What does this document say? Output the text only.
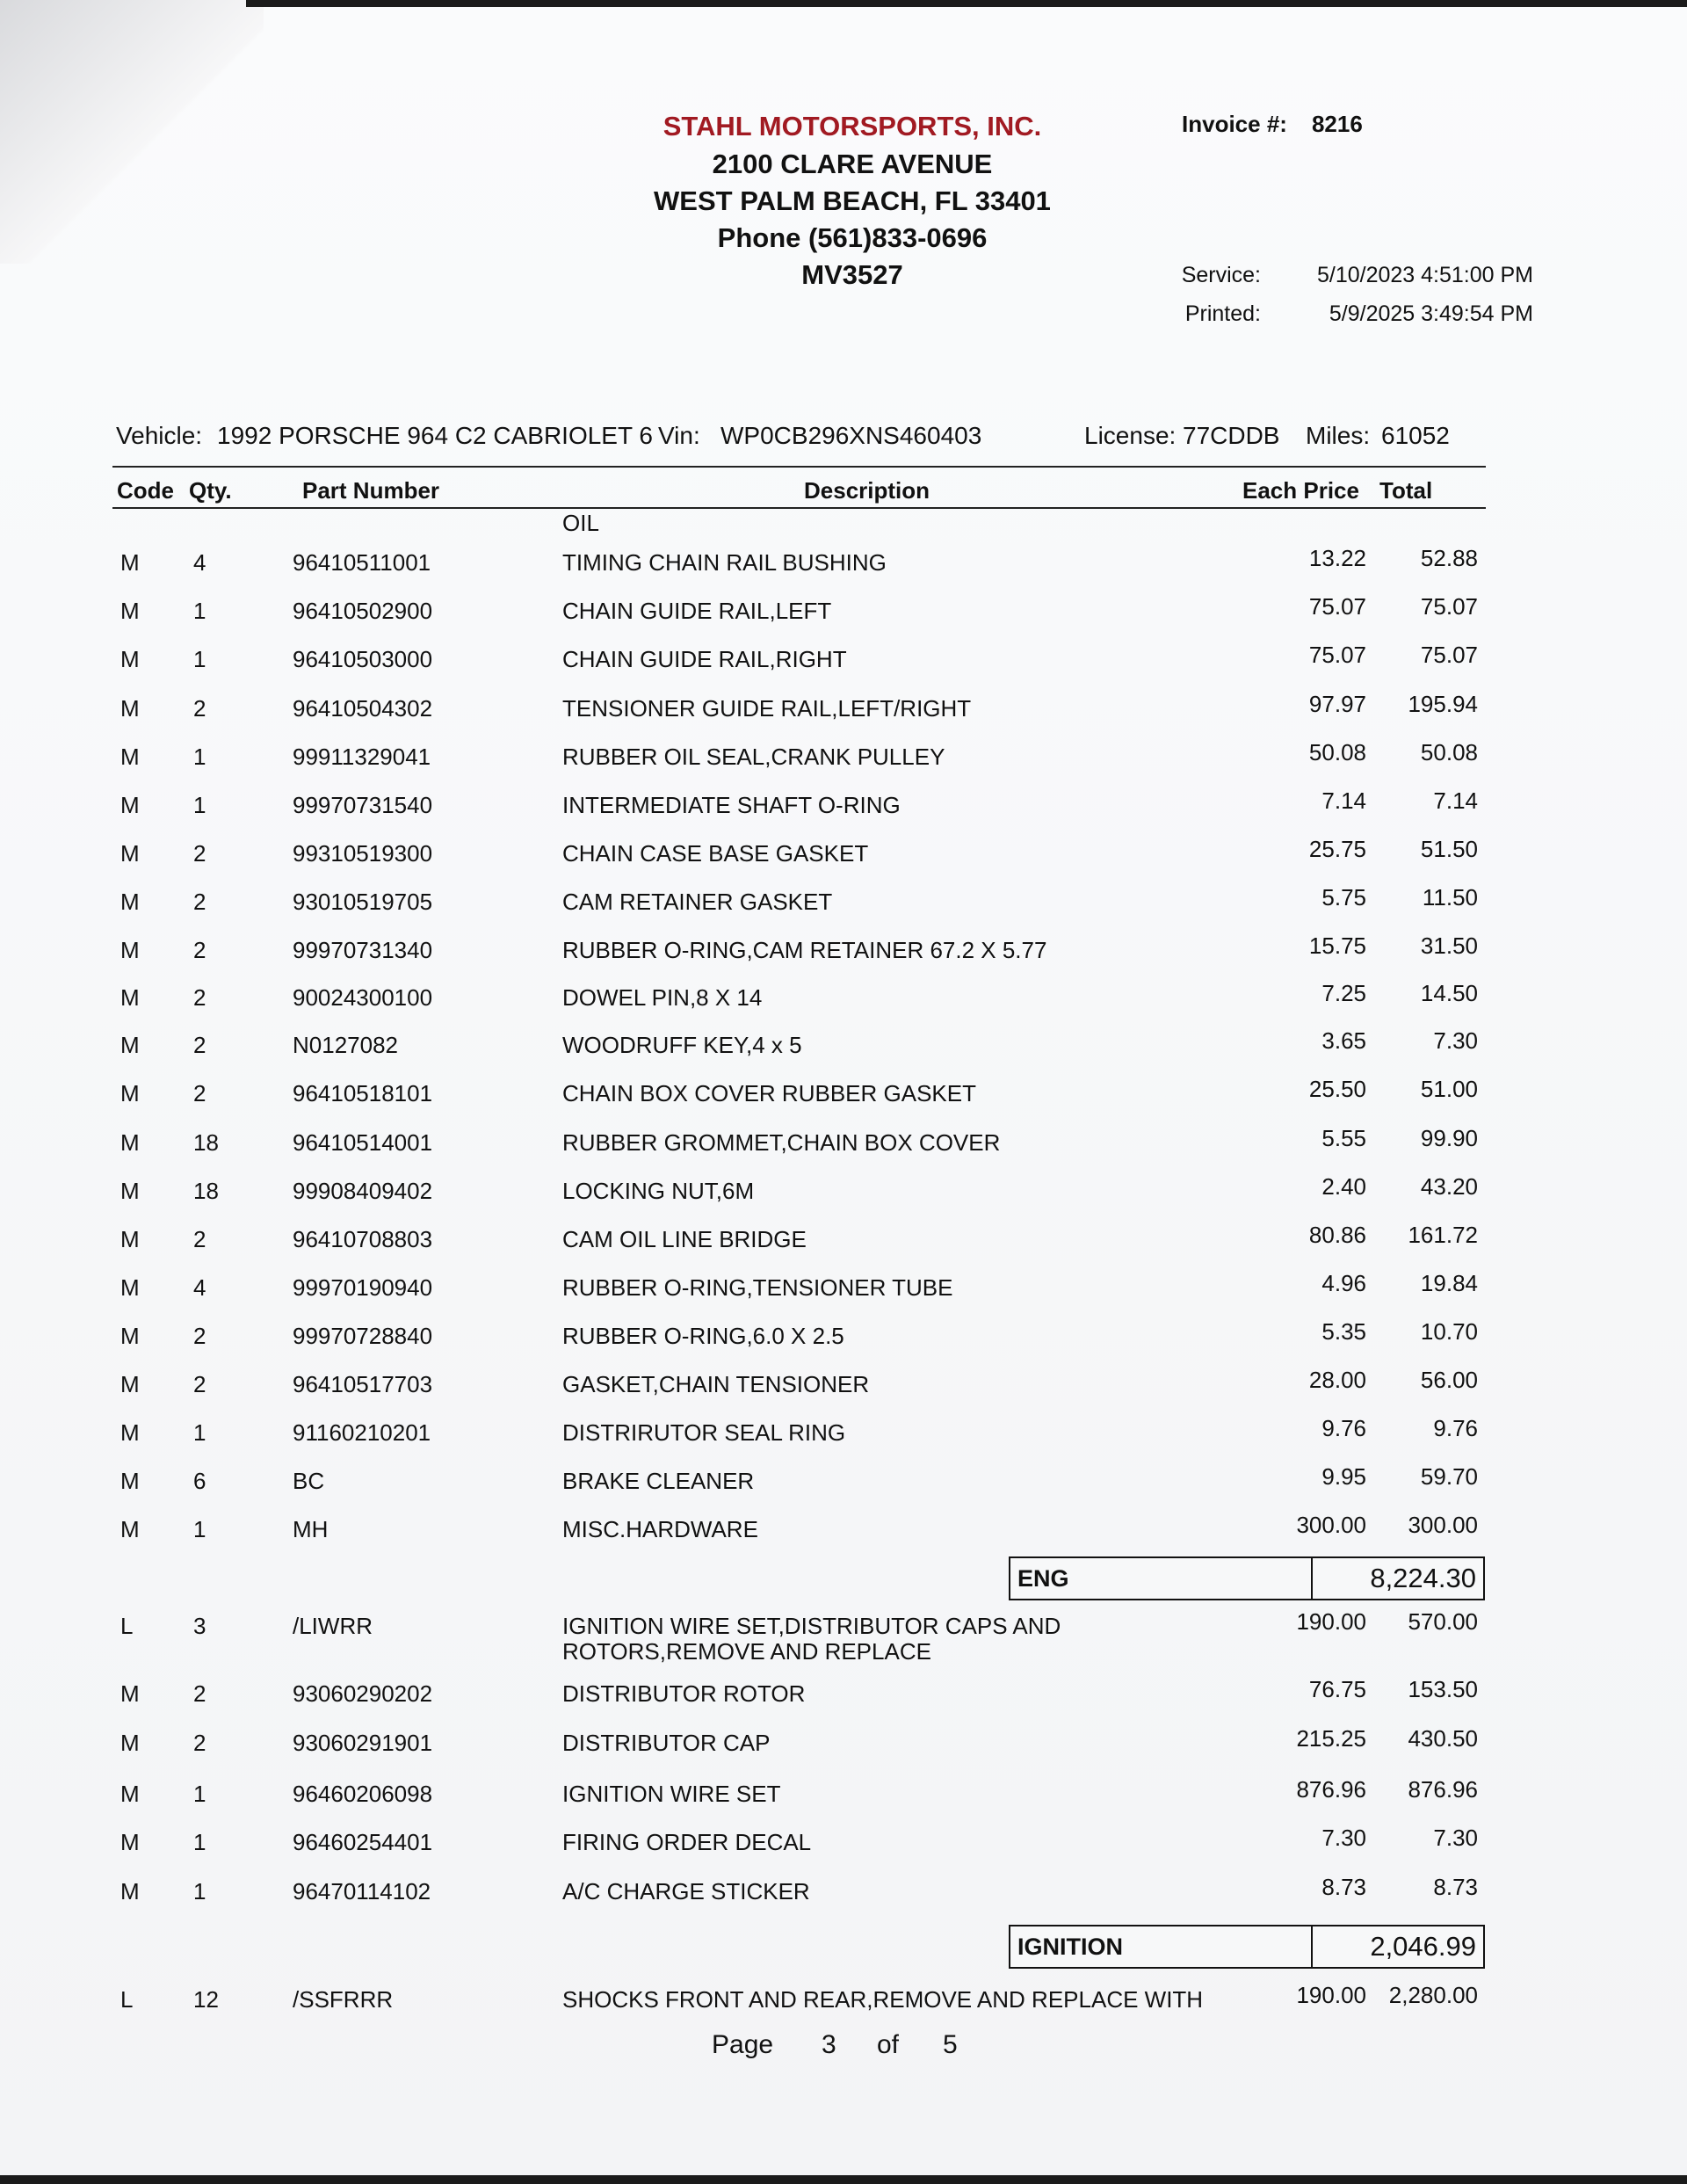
STAHL MOTORSPORTS, INC.
2100 CLARE AVENUE
WEST PALM BEACH, FL 33401
Phone (561)833-0696
MV3527
Invoice #: 8216
Service:	5/10/2023 4:51:00 PM
Printed:	5/9/2025 3:49:54 PM
Vehicle: 1992 PORSCHE 964 C2 CABRIOLET 6 Vin: WP0CB296XNS460403	License: 77CDDB Miles: 61052
Code Qty.	Part Number	Description	Each Price Total
OIL
M 4	96410511001	TIMING CHAIN RAIL BUSHING	13.22 52.88
M 1	96410502900	CHAIN GUIDE RAIL,LEFT	75.07 75.07
M 1	96410503000	CHAIN GUIDE RAIL,RIGHT	75.07 75.07
M 2	96410504302	TENSIONER GUIDE RAIL,LEFT/RIGHT	97.97 195.94
M 1	99911329041	RUBBER OIL SEAL,CRANK PULLEY	50.08 50.08
M 1	99970731540	INTERMEDIATE SHAFT O-RING	7.14	7.14
M 2	99310519300	CHAIN CASE BASE GASKET	25.75 51.50
M 2	93010519705	CAM RETAINER GASKET	5.75 11.50
M 2	99970731340	RUBBER O-RING,CAM RETAINER 67.2 X 5.77	15.75 31.50
M 2	90024300100	DOWEL PIN,8 X 14	7.25 14.50
M 2	N0127082	WOODRUFF KEY,4 x 5	3.65	7.30
M 2	96410518101	CHAIN BOX COVER RUBBER GASKET	25.50 51.00
M 18	96410514001	RUBBER GROMMET,CHAIN BOX COVER	5.55 99.90
M 18	99908409402	LOCKING NUT,6M	2.40 43.20
M 2	96410708803	CAM OIL LINE BRIDGE	80.86 161.72
M 4	99970190940	RUBBER O-RING,TENSIONER TUBE	4.96 19.84
M 2	99970728840	RUBBER O-RING,6.0 X 2.5	5.35 10.70
M 2	96410517703	GASKET,CHAIN TENSIONER	28.00 56.00
M 1	91160210201	DISTRIRUTOR SEAL RING	9.76	9.76
M 6	BC	BRAKE CLEANER	9.95 59.70
M 1	MH	MISC.HARDWARE	300.00 300.00
L	3	/LIWRR	IGNITION WIRE SET,DISTRIBUTOR CAPS AND
ROTORS,REMOVE AND REPLACE
190.00 570.00
M 2	93060290202	DISTRIBUTOR ROTOR	76.75 153.50
M 2	93060291901	DISTRIBUTOR CAP	215.25 430.50
M 1	96460206098	IGNITION WIRE SET	876.96 876.96
M 1	96460254401	FIRING ORDER DECAL	7.30	7.30
M 1	96470114102	A/C CHARGE STICKER	8.73	8.73
L	12	/SSFRRR	SHOCKS FRONT AND REAR,REMOVE AND REPLACE WITH	190.00 2,280.00
ENG	8,224.30
IGNITION	2,046.99
Page 3 of 5
